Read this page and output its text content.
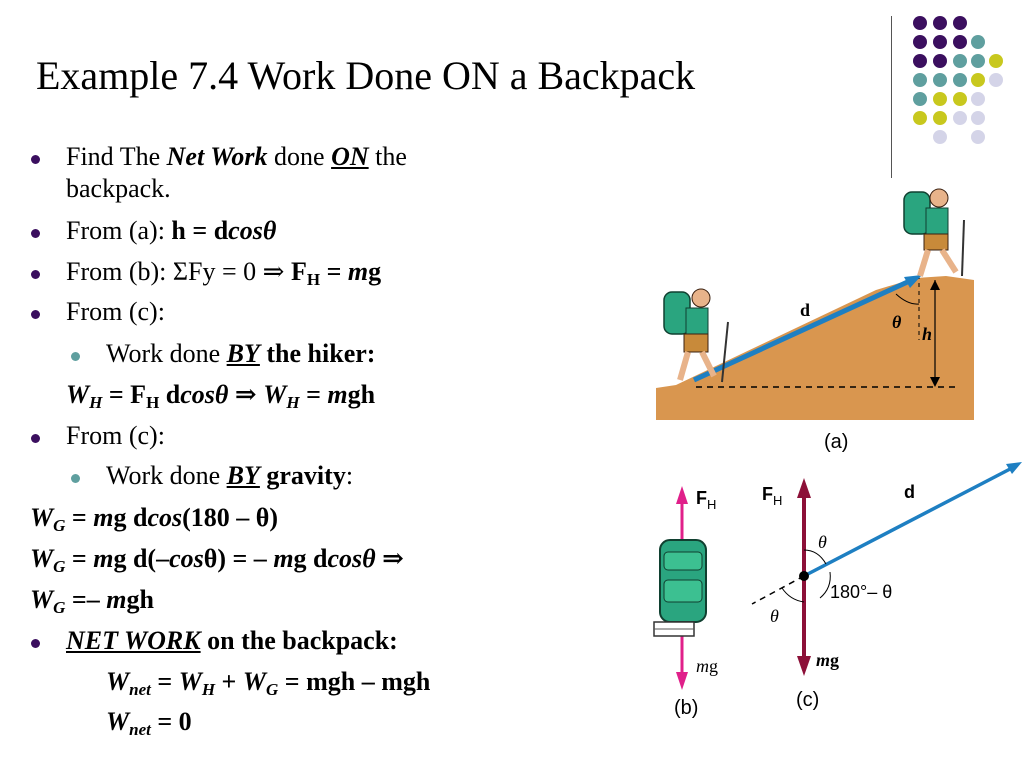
Example 7.4 Work Done ON a Backpack
Find The Net Work done ON the
backpack.
From (a): h = dcosθ
From (b): ΣFy = 0 ⇒ $F_H$ = mg
From (c):
Work done BY the hiker:
$W_H = F_H$ dcosθ ⇒ $W_H$ = mgh
From (c):
Work done BY gravity:
$W_G$ = mg dcos(180 – θ)
$W_G$ = mg d(–cosθ) = – mg dcosθ ⇒
$W_G$ =– mgh
NET WORK on the backpack:
$W_{net} = W_H + W_G$ = mgh – mgh
$W_{net} = 0$
d
θ
h
(a)
$F_H$
mg
(b)
$F_H$	d
θ
180°– θ
θ
mg
(c)
